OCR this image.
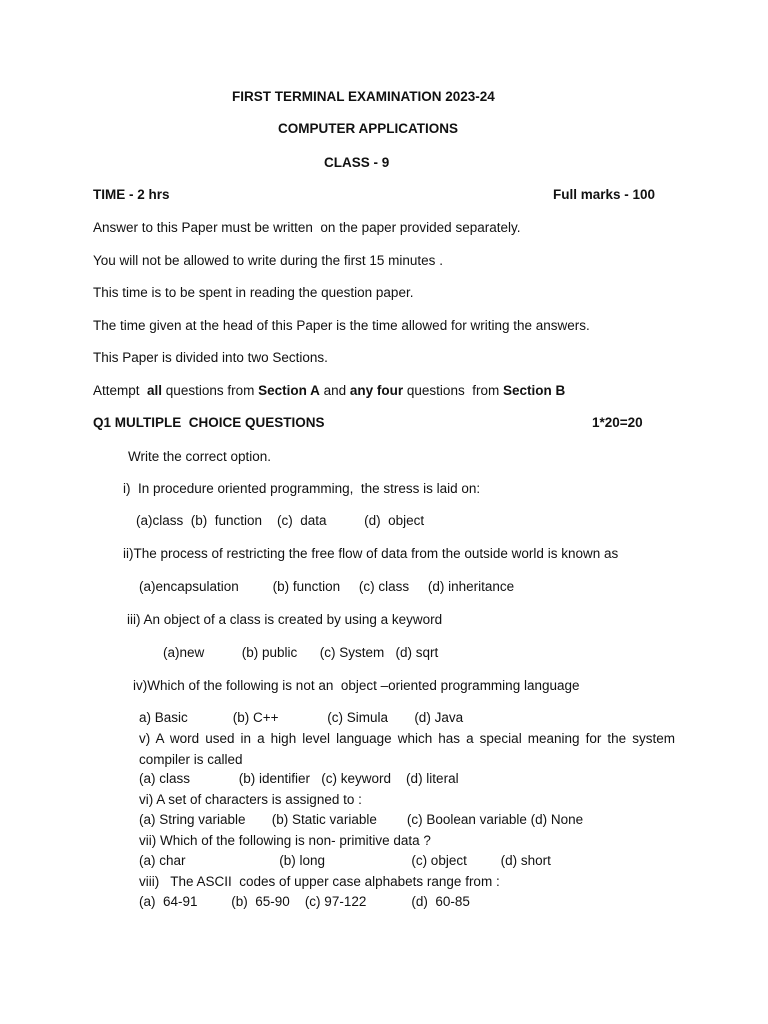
FIRST TERMINAL EXAMINATION 2023-24
COMPUTER APPLICATIONS
CLASS - 9
TIME - 2 hrs	Full marks - 100
Answer to this Paper must be written  on the paper provided separately.
You will not be allowed to write during the first 15 minutes .
This time is to be spent in reading the question paper.
The time given at the head of this Paper is the time allowed for writing the answers.
This Paper is divided into two Sections.
Attempt  all questions from Section A and any four questions  from Section B
Q1 MULTIPLE  CHOICE QUESTIONS	1*20=20
Write the correct option.
i)  In procedure oriented programming,  the stress is laid on:
(a)class  (b)  function    (c)  data          (d)  object
ii)The process of restricting the free flow of data from the outside world is known as
(a)encapsulation         (b) function     (c) class     (d) inheritance
iii) An object of a class is created by using a keyword
(a)new          (b) public      (c) System   (d) sqrt
iv)Which of the following is not an  object –oriented programming language
a) Basic            (b) C++             (c) Simula       (d) Java
v) A word used in a high level language which has a special meaning for the system compiler is called
(a) class             (b) identifier   (c) keyword    (d) literal
vi) A set of characters is assigned to :
(a) String variable       (b) Static variable        (c) Boolean variable (d) None
vii) Which of the following is non- primitive data ?
(a) char                         (b) long                       (c) object         (d) short
viii)   The ASCII  codes of upper case alphabets range from :
(a)  64-91         (b)  65-90    (c) 97-122            (d)  60-85
